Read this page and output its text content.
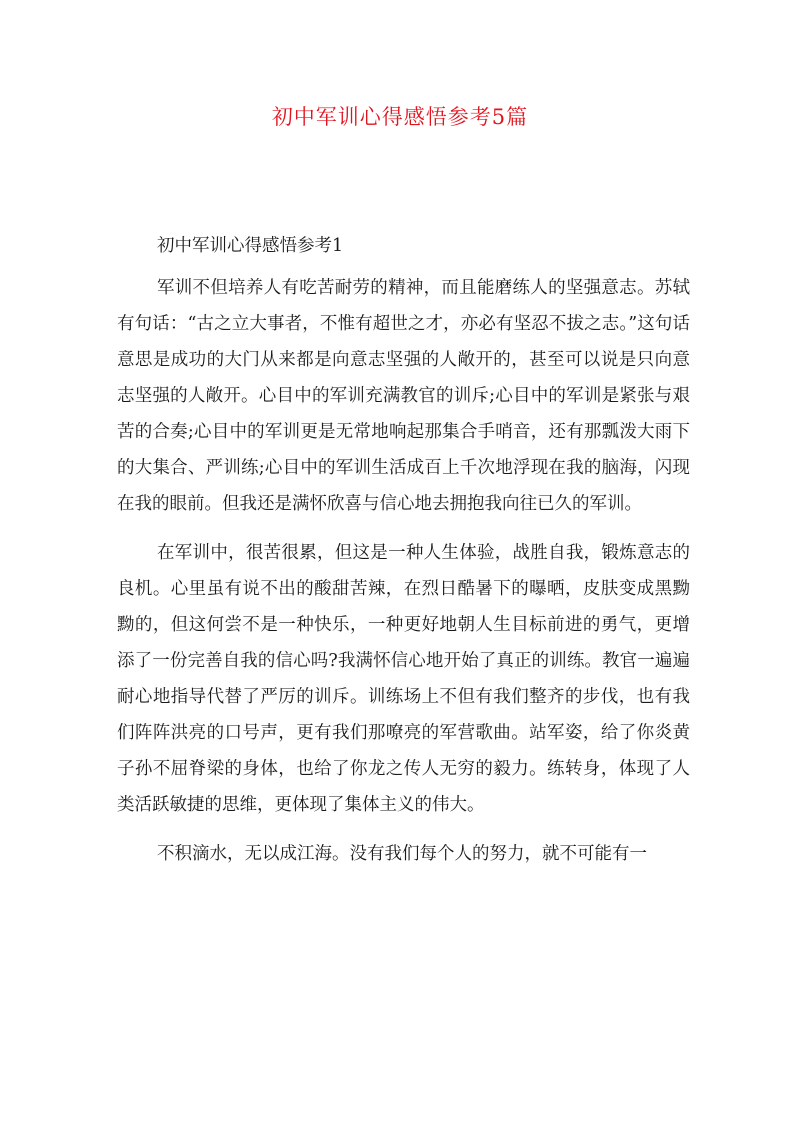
初中军训心得感悟参考5篇

初中军训心得感悟参考1

军训不但培养人有吃苦耐劳的精神，而且能磨练人的坚强意志。苏轼有句话：“古之立大事者，不惟有超世之才，亦必有坚忍不拔之志。”这句话意思是成功的大门从来都是向意志坚强的人敞开的，甚至可以说是只向意志坚强的人敞开。心目中的军训充满教官的训斥;心目中的军训是紧张与艰苦的合奏;心目中的军训更是无常地响起那集合手哨音，还有那瓢泼大雨下的大集合、严训练;心目中的军训生活成百上千次地浮现在我的脑海，闪现在我的眼前。但我还是满怀欣喜与信心地去拥抱我向往已久的军训。

在军训中，很苦很累，但这是一种人生体验，战胜自我，锻炼意志的良机。心里虽有说不出的酸甜苦辣，在烈日酷暑下的曝晒，皮肤变成黑黝黝的，但这何尝不是一种快乐，一种更好地朝人生目标前进的勇气，更增添了一份完善自我的信心吗?我满怀信心地开始了真正的训练。教官一遍遍耐心地指导代替了严厉的训斥。训练场上不但有我们整齐的步伐，也有我们阵阵洪亮的口号声，更有我们那嘹亮的军营歌曲。站军姿，给了你炎黄子孙不屈脊梁的身体，也给了你龙之传人无穷的毅力。练转身，体现了人类活跃敏捷的思维，更体现了集体主义的伟大。

不积滴水，无以成江海。没有我们每个人的努力，就不可能有一
